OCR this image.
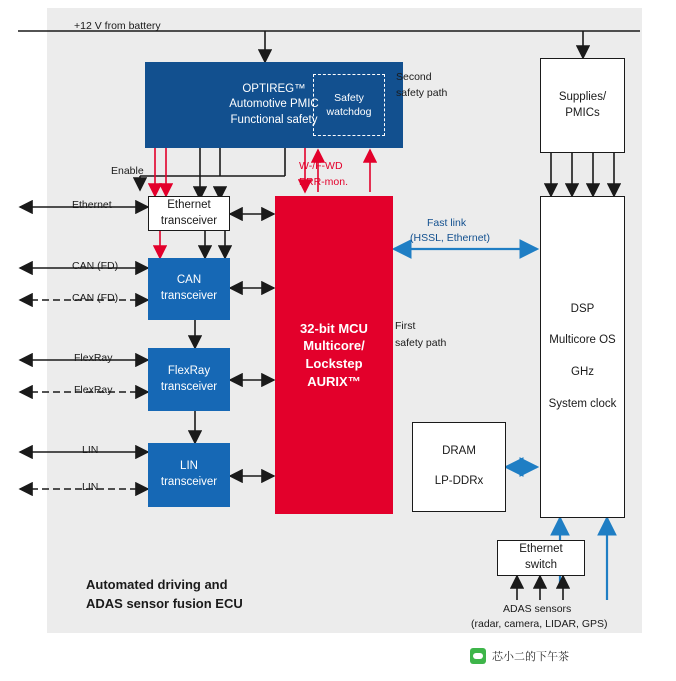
OPTIREG™
Automotive PMIC
Functional safety
Safety
watchdog
Supplies/
PMICs
Ethernet
transceiver
CAN
transceiver
FlexRay
transceiver
LIN
transceiver
32-bit MCU
Multicore/
Lockstep
AURIX™
DRAM
LP-DDRx
DSP
Multicore OS
GHz
System clock
Ethernet
switch
+12 V from battery
Second
safety path
Enable	W-/F-WD
ERR-mon.
Ethernet
CAN (FD)
CAN (FD)
FlexRay
FlexRay
LIN
LIN
Fast link
(HSSL, Ethernet)
First
safety path
ADAS sensors
(radar, camera, LIDAR, GPS)
Automated driving and
ADAS sensor fusion ECU
芯小二的下午茶
